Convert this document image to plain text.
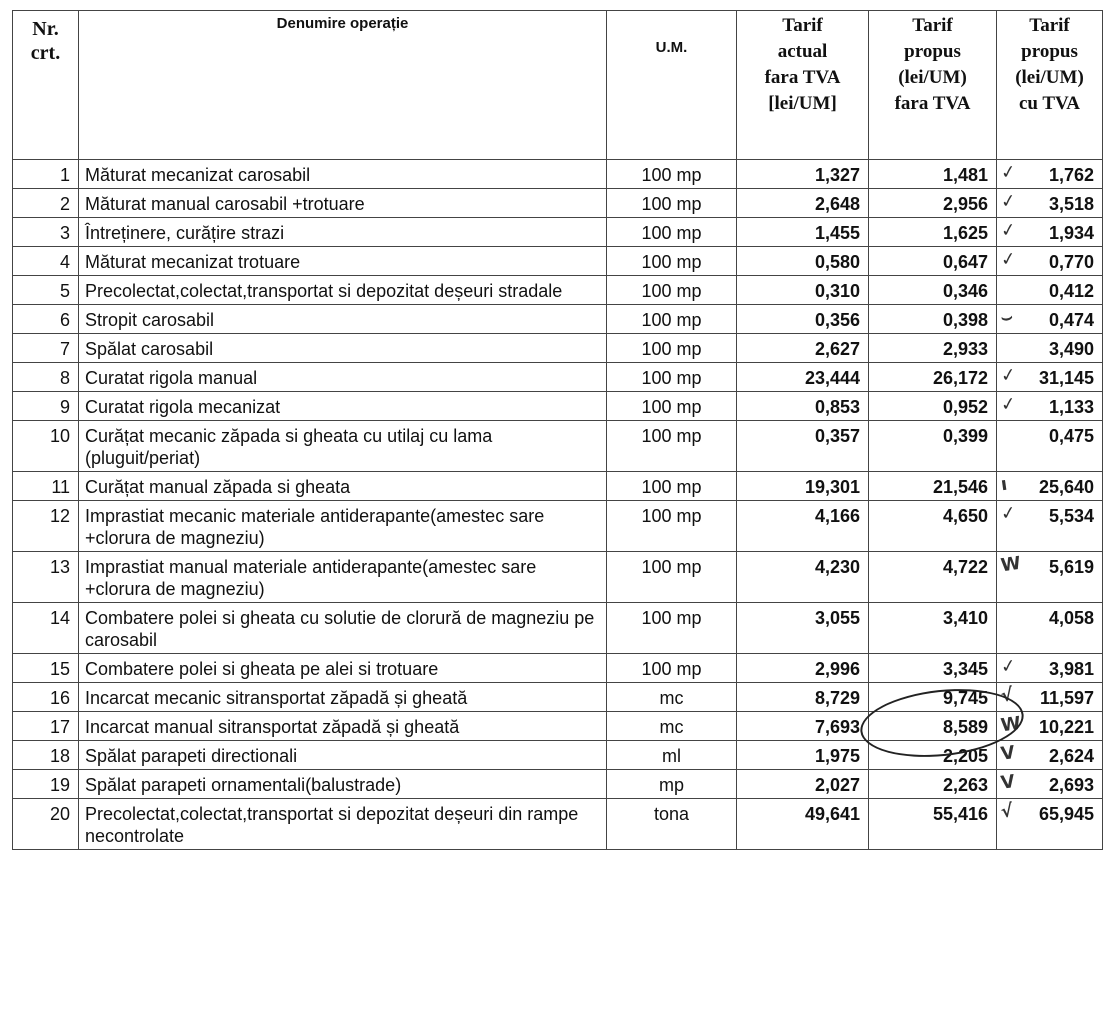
Nr.
crt.	Denumire operație	U.M.	Tarif
actual
fara TVA
[lei/UM]	Tarif
propus
(lei/UM)
fara TVA	Tarif
propus
(lei/UM)
cu TVA
1	Măturat mecanizat carosabil	100 mp	1,327	1,481	1,762
✓

2	Măturat manual carosabil +trotuare	100 mp	2,648	2,956	3,518
✓

3	Întreținere, curățire strazi	100 mp	1,455	1,625	1,934
✓

4	Măturat mecanizat trotuare	100 mp	0,580	0,647	0,770
✓

5	Precolectat,colectat,transportat si depozitat deșeuri stradale	100 mp	0,310	0,346	0,412
6	Stropit carosabil	100 mp	0,356	0,398	0,474
⌣

7	Spălat carosabil	100 mp	2,627	2,933	3,490
8	Curatat rigola manual	100 mp	23,444	26,172	31,145
✓

9	Curatat rigola mecanizat	100 mp	0,853	0,952	1,133
✓

10	Curățat mecanic zăpada si gheata cu utilaj cu lama (pluguit/periat)	100 mp	0,357	0,399	0,475
11	Curățat manual zăpada si gheata	100 mp	19,301	21,546	25,640
ı

12	Imprastiat mecanic materiale antiderapante(amestec sare +clorura de magneziu)	100 mp	4,166	4,650	5,534
✓

13	Imprastiat manual materiale antiderapante(amestec sare +clorura de magneziu)	100 mp	4,230	4,722	5,619
W

14	Combatere polei si gheata cu solutie de clorură de magneziu pe carosabil	100 mp	3,055	3,410	4,058
15	Combatere polei si gheata pe alei si trotuare	100 mp	2,996	3,345	3,981
✓

16	Incarcat mecanic sitransportat zăpadă și gheată	mc	8,729	9,745	11,597
√

17	Incarcat manual sitransportat zăpadă și gheată	mc	7,693	8,589	10,221
W

18	Spălat parapeti directionali	ml	1,975	2,205	2,624
ᐯ

19	Spălat parapeti ornamentali(balustrade)	mp	2,027	2,263	2,693
ᐯ

20	Precolectat,colectat,transportat si depozitat deșeuri din rampe necontrolate	tona	49,641	55,416	65,945
√
